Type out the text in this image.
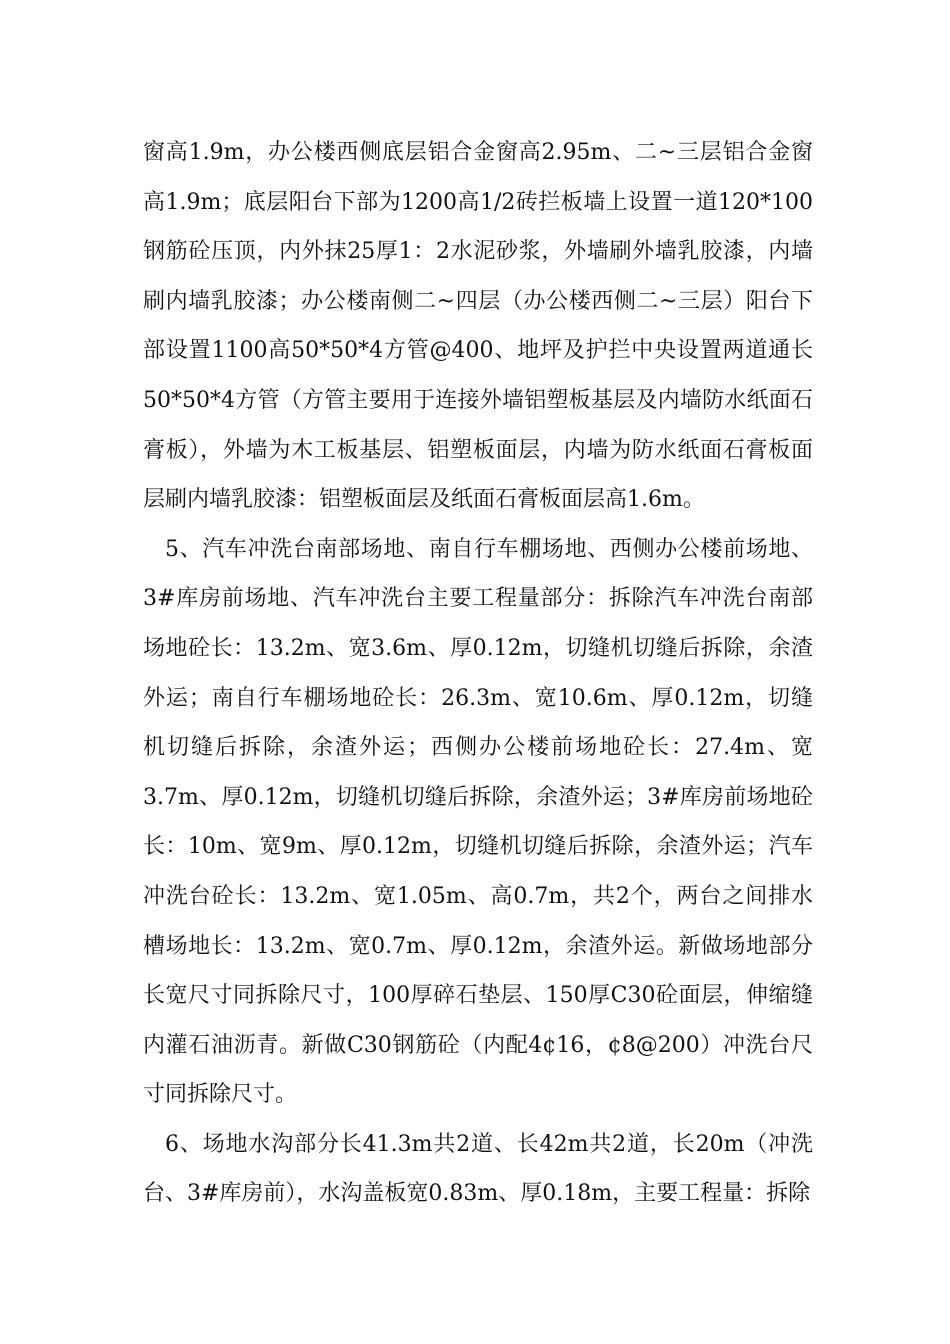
窗高1.9m，办公楼西侧底层铝合金窗高2.95m、二~三层铝合金窗高1.9m；底层阳台下部为1200高1/2砖拦板墙上设置一道120*100钢筋砼压顶，内外抹25厚1：2水泥砂浆，外墙刷外墙乳胶漆，内墙刷内墙乳胶漆；办公楼南侧二~四层（办公楼西侧二~三层）阳台下部设置1100高50*50*4方管@400、地坪及护拦中央设置两道通长50*50*4方管（方管主要用于连接外墙铝塑板基层及内墙防水纸面石膏板），外墙为木工板基层、铝塑板面层，内墙为防水纸面石膏板面层刷内墙乳胶漆：铝塑板面层及纸面石膏板面层高1.6m。

5、汽车冲洗台南部场地、南自行车棚场地、西侧办公楼前场地、3#库房前场地、汽车冲洗台主要工程量部分：拆除汽车冲洗台南部场地砼长：13.2m、宽3.6m、厚0.12m，切缝机切缝后拆除，余渣外运；南自行车棚场地砼长：26.3m、宽10.6m、厚0.12m，切缝机切缝后拆除，余渣外运；西侧办公楼前场地砼长：27.4m、宽3.7m、厚0.12m，切缝机切缝后拆除，余渣外运；3#库房前场地砼长：10m、宽9m、厚0.12m，切缝机切缝后拆除，余渣外运；汽车冲洗台砼长：13.2m、宽1.05m、高0.7m，共2个，两台之间排水槽场地长：13.2m、宽0.7m、厚0.12m，余渣外运。新做场地部分长宽尺寸同拆除尺寸，100厚碎石垫层、150厚C30砼面层，伸缩缝内灌石油沥青。新做C30钢筋砼（内配4¢16，¢8@200）冲洗台尺寸同拆除尺寸。

6、场地水沟部分长41.3m共2道、长42m共2道，长20m（冲洗台、3#库房前），水沟盖板宽0.83m、厚0.18m，主要工程量：拆除
